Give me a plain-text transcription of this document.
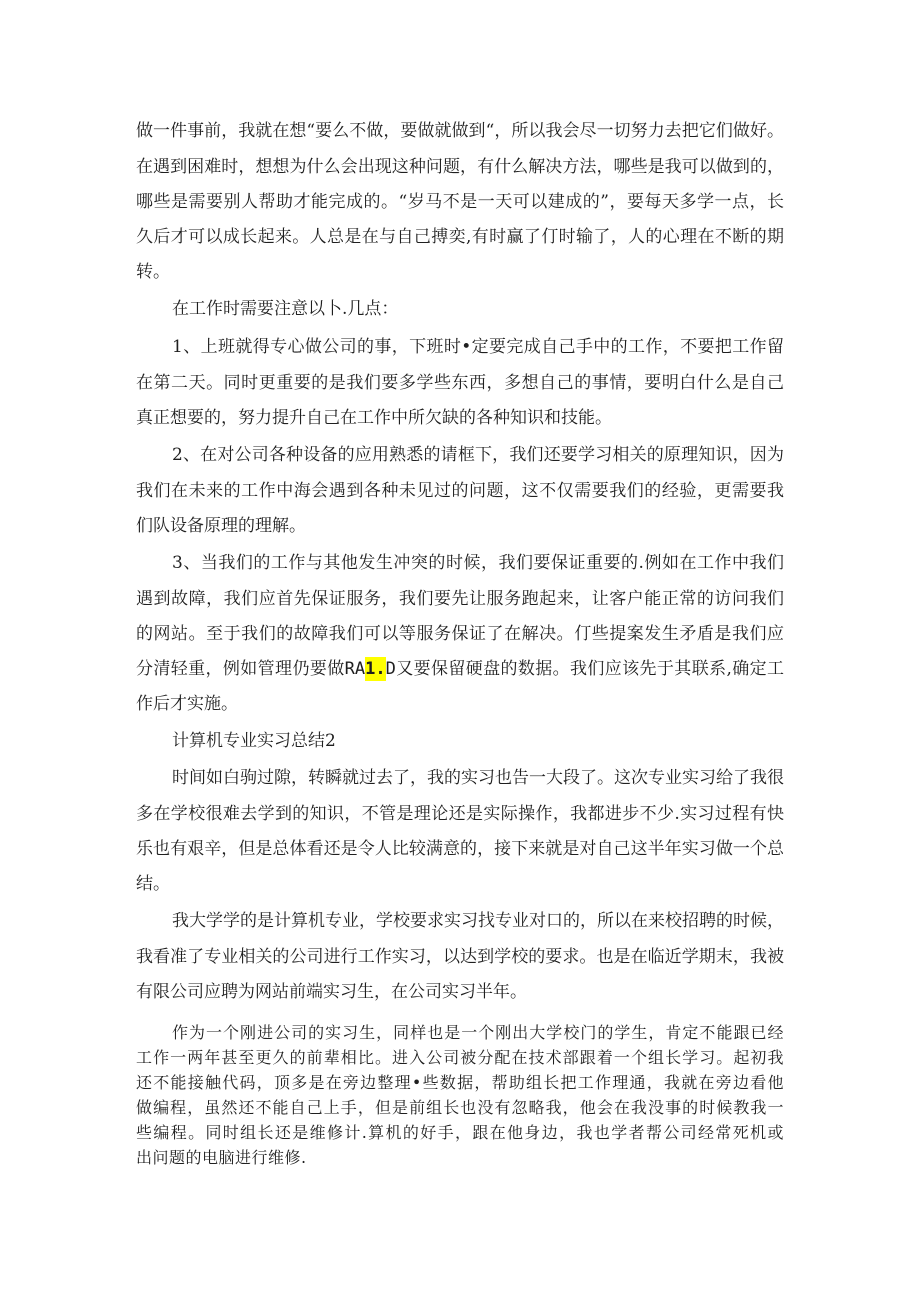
做一件事前，我就在想“要么不做，要做就做到“，所以我会尽一切努力去把它们做好。
在遇到困难时，想想为什么会出现这种问题，有什么解决方法，哪些是我可以做到的，
哪些是需要别人帮助才能完成的。“岁马不是一天可以建成的”，要每天多学一点，长
久后才可以成长起来。人总是在与自己搏奕,有时赢了仃时输了，人的心理在不断的期
转。
在工作时需要注意以卜.几点：
1、上班就得专心做公司的事，下班时•定要完成自己手中的工作，不要把工作留
在第二天。同时更重要的是我们要多学些东西，多想自己的事情，要明白什么是自己
真正想要的，努力提升自己在工作中所欠缺的各种知识和技能。
2、在对公司各种设备的应用熟悉的请框下，我们还要学习相关的原理知识，因为
我们在未来的工作中海会遇到各种未见过的问题，这不仅需要我们的经验，更需要我
们队设备原理的理解。
3、当我们的工作与其他发生冲突的时候，我们要保证重要的.例如在工作中我们
遇到故障，我们应首先保证服务，我们要先让服务跑起来，让客户能正常的访问我们
的网站。至于我们的故障我们可以等服务保证了在解决。仃些提案发生矛盾是我们应
分清轻重，例如管理仍要做RA1.D又要保留硬盘的数据。我们应该先于其联系,确定工
作后才实施。
计算机专业实习总结2
时间如白驹过隙，转瞬就过去了，我的实习也告一大段了。这次专业实习给了我很
多在学校很难去学到的知识，不管是理论还是实际操作，我都进步不少.实习过程有快
乐也有艰辛，但是总体看还是令人比较满意的，接下来就是对自己这半年实习做一个总
结。
我大学学的是计算机专业，学校要求实习找专业对口的，所以在来校招聘的时候，
我看准了专业相关的公司进行工作实习，以达到学校的要求。也是在临近学期末，我被
有限公司应聘为网站前端实习生，在公司实习半年。
作为一个刚进公司的实习生，同样也是一个刚出大学校门的学生，肯定不能跟已经
工作一两年甚至更久的前辈相比。进入公司被分配在技术部跟着一个组长学习。起初我
还不能接触代码，顶多是在旁边整理•些数据，帮助组长把工作理通，我就在旁边看他
做编程，虽然还不能自己上手，但是前组长也没有忽略我，他会在我没事的时候教我一
些编程。同时组长还是维修计.算机的好手，跟在他身边，我也学者帮公司经常死机或
出问题的电脑进行维修.
